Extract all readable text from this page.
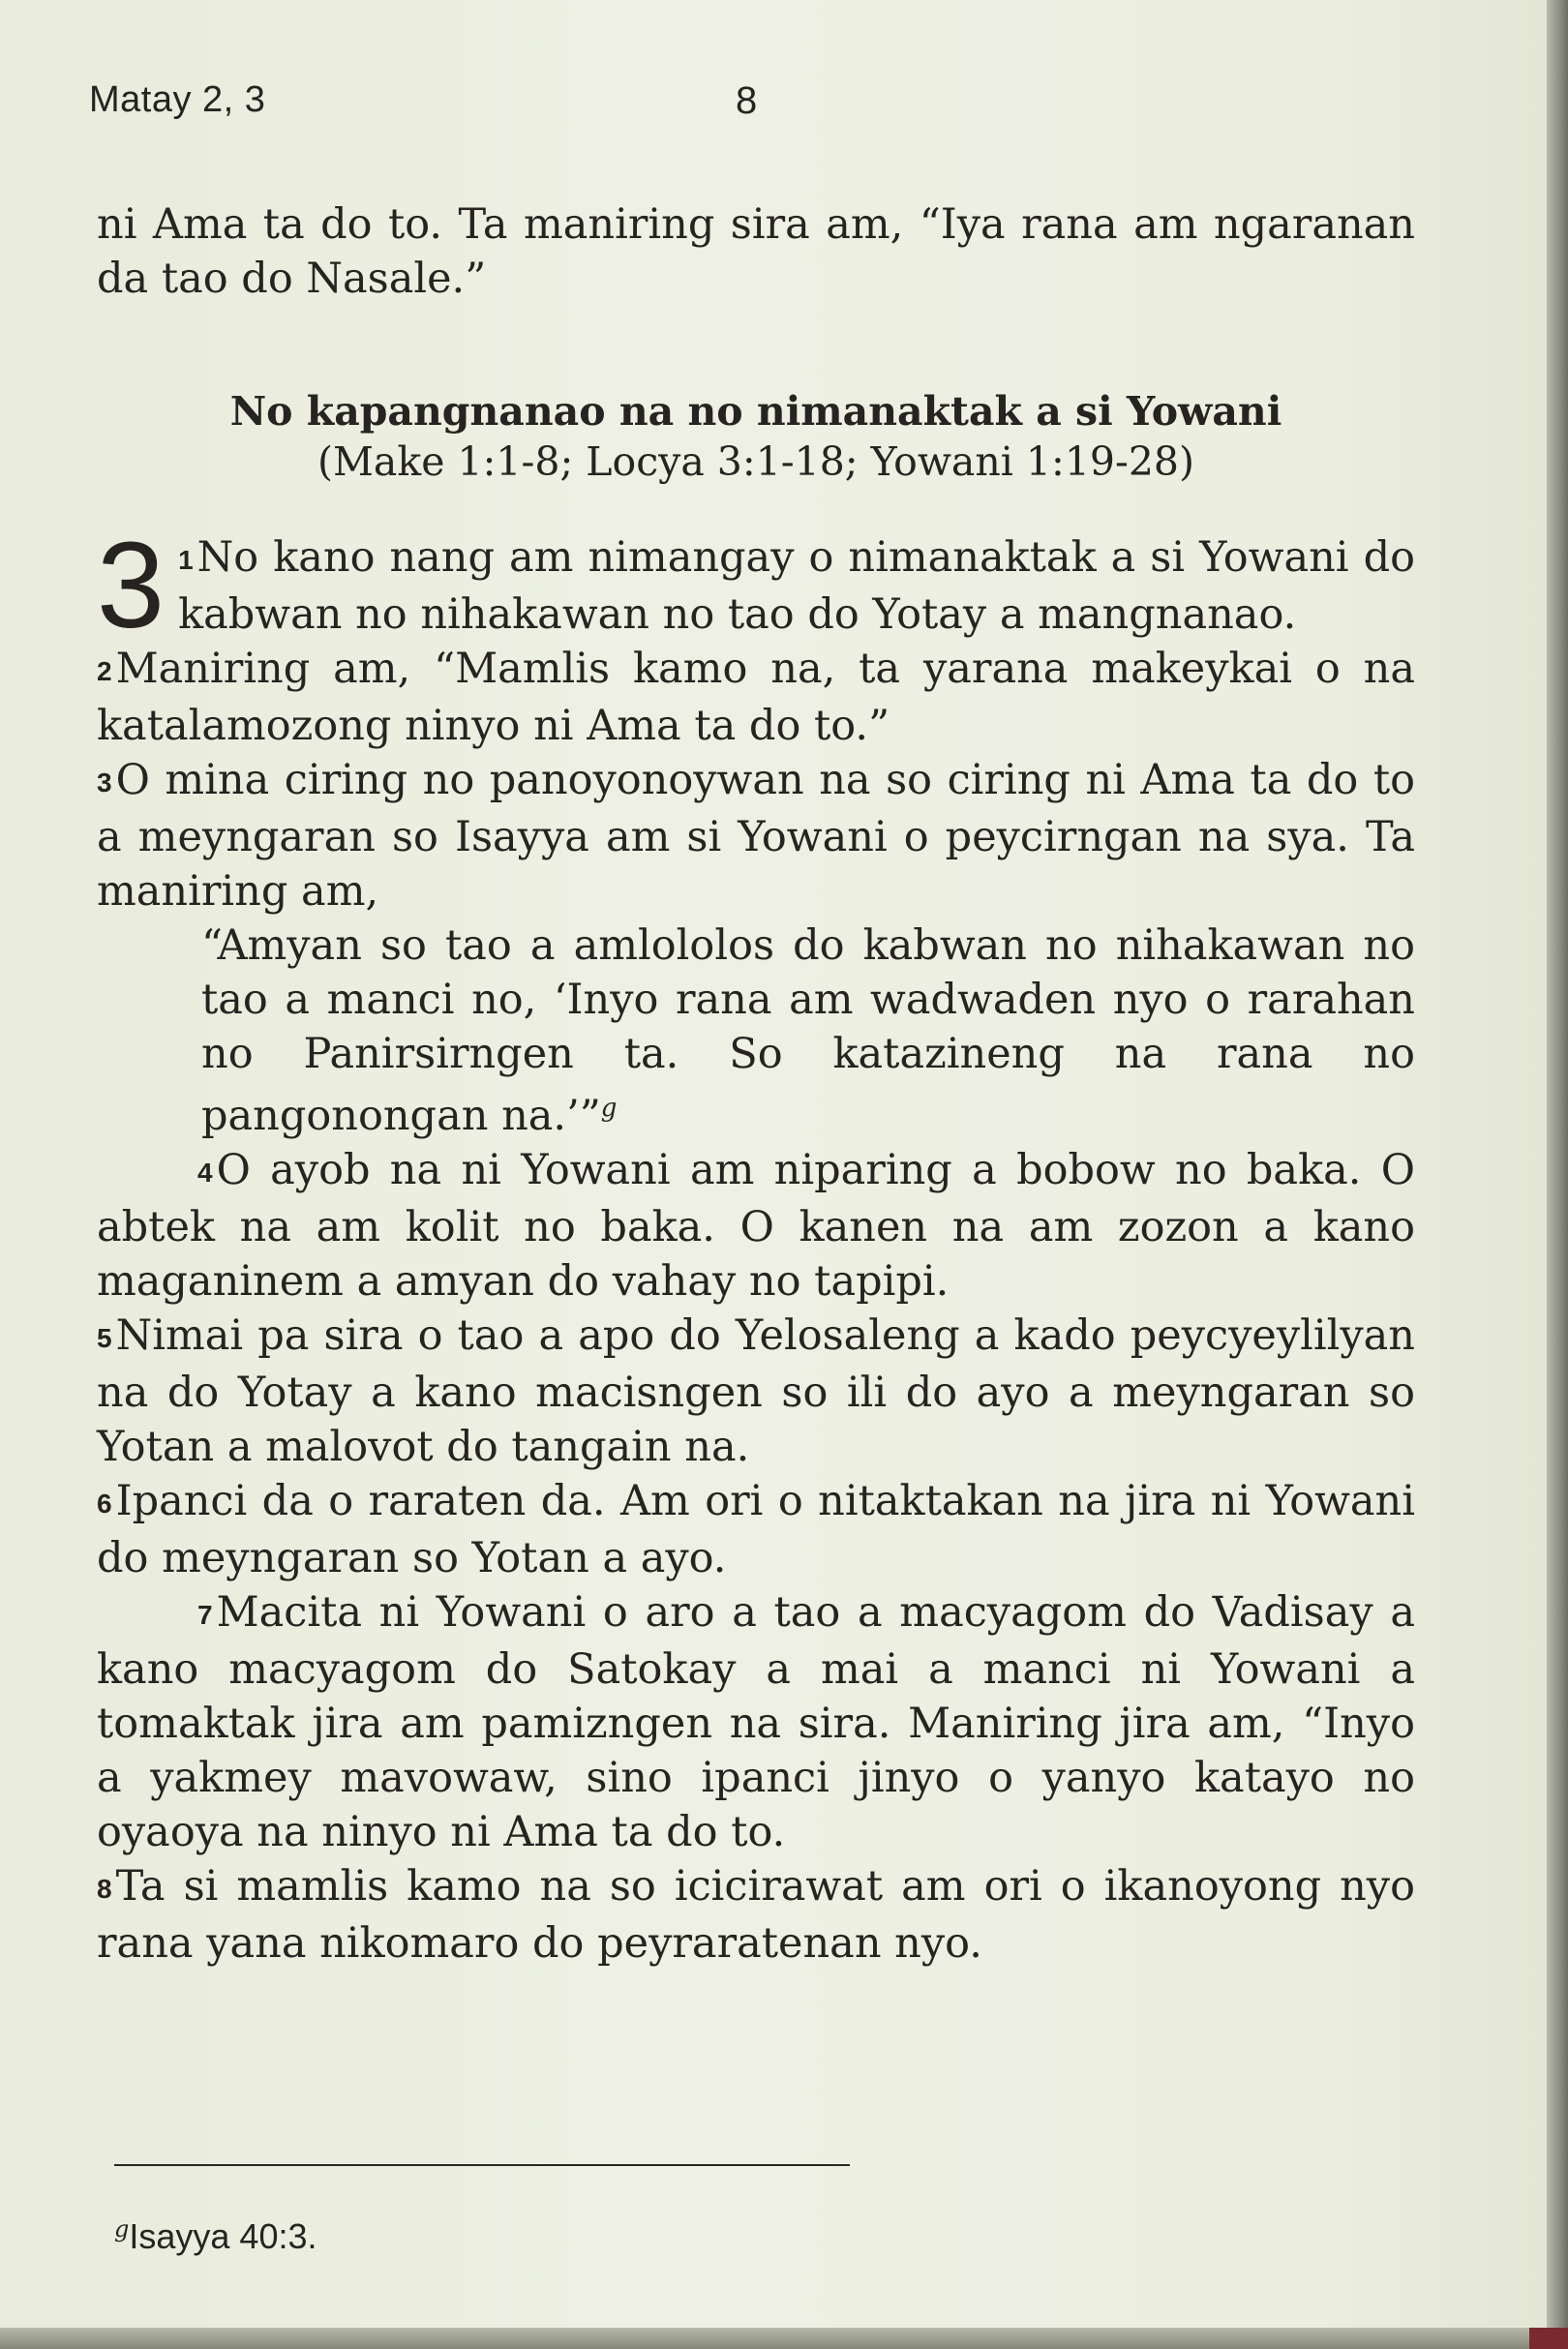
Matay 2, 3	8
ni Ama ta do to. Ta maniring sira am, “Iya rana am ngaranan da tao do Nasale.”
No kapangnanao na no nimanaktak a si Yowani
(Make 1:1-8; Locya 3:1-18; Yowani 1:19-28)

3 1No kano nang am nimangay o nimanaktak a si Yowani do kabwan no nihakawan no tao do Yotay a mangnanao.

2Maniring am, “Mamlis kamo na, ta yarana makeykai o na katalamozong ninyo ni Ama ta do to.”

3O mina ciring no panoyonoywan na so ciring ni Ama ta do to a meyngaran so Isayya am si Yowani o peycirngan na sya. Ta maniring am,

“Amyan so tao a amlololos do kabwan no nihakawan no tao a manci no, ‘Inyo rana am wadwaden nyo o rarahan no Panirsirngen ta. So katazineng na rana no pangonongan na.’”$^g$

4O ayob na ni Yowani am niparing a bobow no baka. O abtek na am kolit no baka. O kanen na am zozon a kano maganinem a amyan do vahay no tapipi.

5Nimai pa sira o tao a apo do Yelosaleng a kado peycyeylilyan na do Yotay a kano macisngen so ili do ayo a meyngaran so Yotan a malovot do tangain na.

6Ipanci da o raraten da. Am ori o nitaktakan na jira ni Yowani do meyngaran so Yotan a ayo.

7Macita ni Yowani o aro a tao a macyagom do Vadisay a kano macyagom do Satokay a mai a manci ni Yowani a tomaktak jira am pamizngen na sira. Maniring jira am, “Inyo a yakmey mavowaw, sino ipanci jinyo o yanyo katayo no oyaoya na ninyo ni Ama ta do to.

8Ta si mamlis kamo na so icicirawat am ori o ikanoyong nyo rana yana nikomaro do peyraratenan nyo.

$^g$Isayya 40:3.
